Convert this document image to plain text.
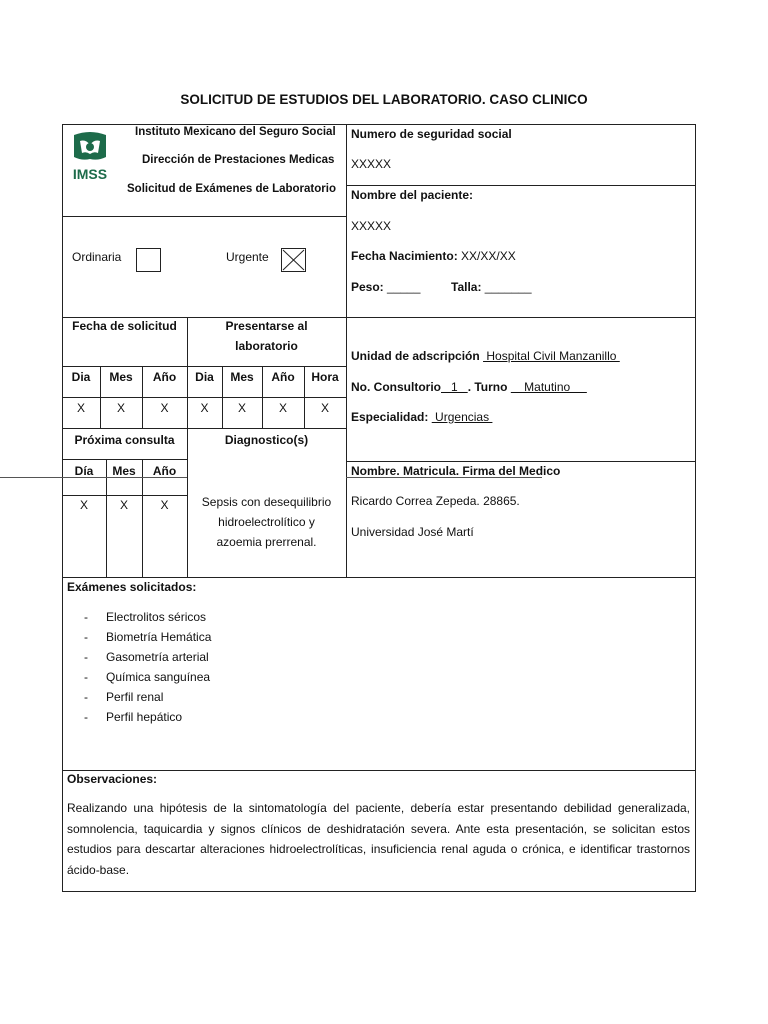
SOLICITUD DE ESTUDIOS DEL LABORATORIO. CASO CLINICO
IMSS
Instituto Mexicano del Seguro Social
Dirección de Prestaciones Medicas
Solicitud de Exámenes de Laboratorio
Numero de seguridad social
XXXXX
Nombre del paciente:
XXXXX
Fecha Nacimiento: XX/XX/XX
Peso: _____	Talla: _______
Ordinaria	Urgente
Fecha de solicitud	Presentarse al
laboratorio
Dia	Mes	Año	Dia	Mes	Año	Hora
X	X	X	X	X	X	X
Próxima consulta	Diagnostico(s)
Día	Mes	Año
X	X	X	Sepsis con desequilibrio
hidroelectrolítico y
azoemia prerrenal.
Unidad de adscripción  Hospital Civil Manzanillo
No. Consultorio   1   . Turno     Matutino
Especialidad:  Urgencias
Nombre. Matricula. Firma del Medico
Ricardo Correa Zepeda. 28865.
Universidad José Martí
Exámenes solicitados:
- Electrolitos séricos
- Biometría Hemática
- Gasometría arterial
- Química sanguínea
- Perfil renal
- Perfil hepático
Observaciones:
Realizando una hipótesis de la sintomatología del paciente, debería estar presentando debilidad generalizada, somnolencia, taquicardia y signos clínicos de deshidratación severa. Ante esta presentación, se solicitan estos estudios para descartar alteraciones hidroelectrolíticas, insuficiencia renal aguda o crónica, e identificar trastornos ácido-base.
